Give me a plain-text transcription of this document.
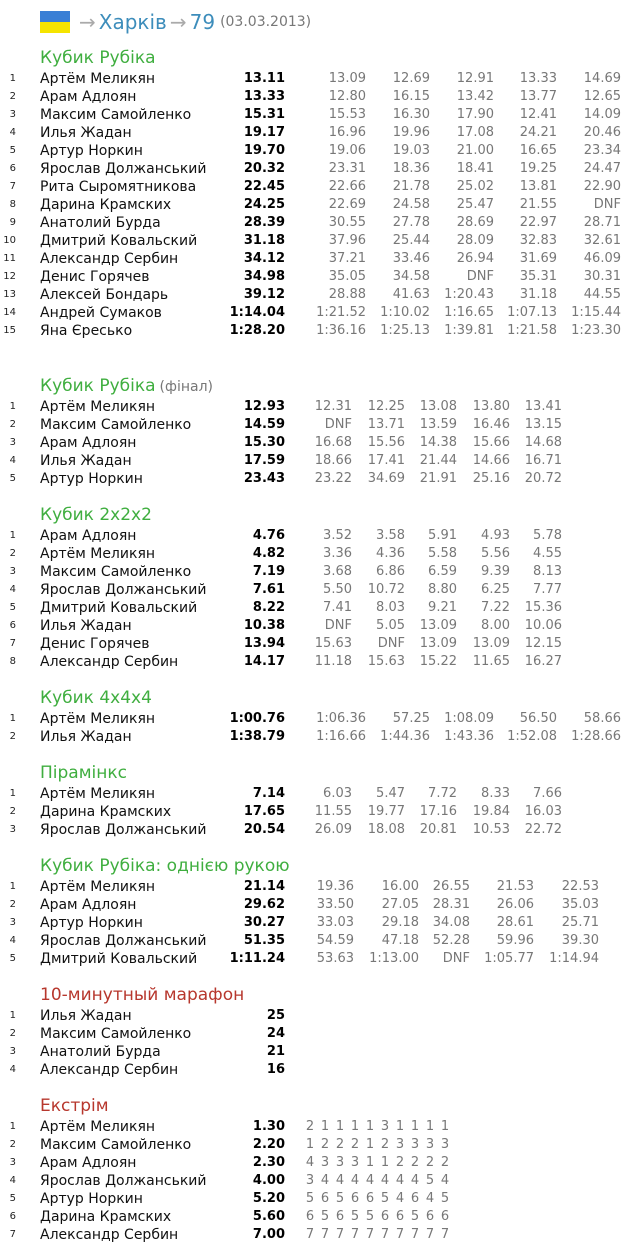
→ Харків → 79 (03.03.2013)
Кубик Рубіка
1 Артём Меликян	13.11	13.09 12.69 12.91 13.33 14.69
2 Арам Адлоян	13.33	12.80 16.15 13.42 13.77 12.65
3 Максим Самойленко	15.31	15.53 16.30 17.90 12.41 14.09
4 Илья Жадан	19.17	16.96 19.96 17.08 24.21 20.46
5 Артур Норкин	19.70	19.06 19.03 21.00 16.65 23.34
6 Ярослав Должанський	20.32	23.31 18.36 18.41 19.25 24.47
7 Рита Сыромятникова	22.45	22.66 21.78 25.02 13.81 22.90
8 Дарина Крамских	24.25	22.69 24.58 25.47 21.55	DNF
9 Анатолий Бурда	28.39	30.55 27.78 28.69 22.97 28.71
10 Дмитрий Ковальский	31.18	37.96 25.44 28.09 32.83 32.61
11 Александр Сербин	34.12	37.21 33.46 26.94 31.69 46.09
12 Денис Горячев	34.98	35.05 34.58	DNF 35.31 30.31
13 Алексей Бондарь	39.12	28.88 41.63 1:20.43 31.18 44.55
14 Андрей Сумаков	1:14.04 1:21.52 1:10.02 1:16.65 1:07.13 1:15.44
15 Яна Єресько	1:28.20 1:36.16 1:25.13 1:39.81 1:21.58 1:23.30
Кубик Рубіка (фінал)
1 Артём Меликян	12.93 12.31 12.25 13.08 13.80 13.41
2 Максим Самойленко	14.59	DNF 13.71 13.59 16.46 13.15
3 Арам Адлоян	15.30 16.68 15.56 14.38 15.66 14.68
4 Илья Жадан	17.59 18.66 17.41 21.44 14.66 16.71
5 Артур Норкин	23.43 23.22 34.69 21.91 25.16 20.72
Кубик 2x2x2
1 Арам Адлоян	4.76	3.52 3.58 5.91 4.93 5.78
2 Артём Меликян	4.82	3.36 4.36 5.58 5.56 4.55
3 Максим Самойленко	7.19	3.68 6.86 6.59 9.39 8.13
4 Ярослав Должанський	7.61	5.50 10.72 8.80 6.25 7.77
5 Дмитрий Ковальский	8.22	7.41 8.03 9.21 7.22 15.36
6 Илья Жадан	10.38	DNF 5.05 13.09 8.00 10.06
7 Денис Горячев	13.94 15.63 DNF 13.09 13.09 12.15
8 Александр Сербин	14.17 11.18 15.63 15.22 11.65 16.27
Кубик 4x4x4
1 Артём Меликян	1:00.76 1:06.36 57.25 1:08.09 56.50 58.66
2 Илья Жадан	1:38.79 1:16.66 1:44.36 1:43.36 1:52.08 1:28.66
Пірамінкс
1 Артём Меликян	7.14	6.03 5.47 7.72 8.33 7.66
2 Дарина Крамских	17.65 11.55 19.77 17.16 19.84 16.03
3 Ярослав Должанський	20.54 26.09 18.08 20.81 10.53 22.72
Кубик Рубіка: однією рукою
1 Артём Меликян	21.14 19.36 16.00 26.55 21.53 22.53
2 Арам Адлоян	29.62 33.50 27.05 28.31 26.06 35.03
3 Артур Норкин	30.27 33.03 29.18 34.08 28.61 25.71
4 Ярослав Должанський	51.35 54.59 47.18 52.28 59.96 39.30
5 Дмитрий Ковальский 1:11.24 53.63 1:13.00 DNF 1:05.77 1:14.94
10-минутный марафон
1 Илья Жадан	25
2 Максим Самойленко	24
3 Анатолий Бурда	21
4 Александр Сербин	16
Екстрім
1 Артём Меликян	1.30 2 1 1 1 1 3 1 1 1 1
2 Максим Самойленко	2.20 1 2 2 2 1 2 3 3 3 3
3 Арам Адлоян	2.30 4 3 3 3 1 1 2 2 2 2
4 Ярослав Должанський	4.00 3 4 4 4 4 4 4 4 5 4
5 Артур Норкин	5.20 5 6 5 6 6 5 4 6 4 5
6 Дарина Крамских	5.60 6 5 6 5 5 6 6 5 6 6
7 Александр Сербин	7.00 7 7 7 7 7 7 7 7 7 7
